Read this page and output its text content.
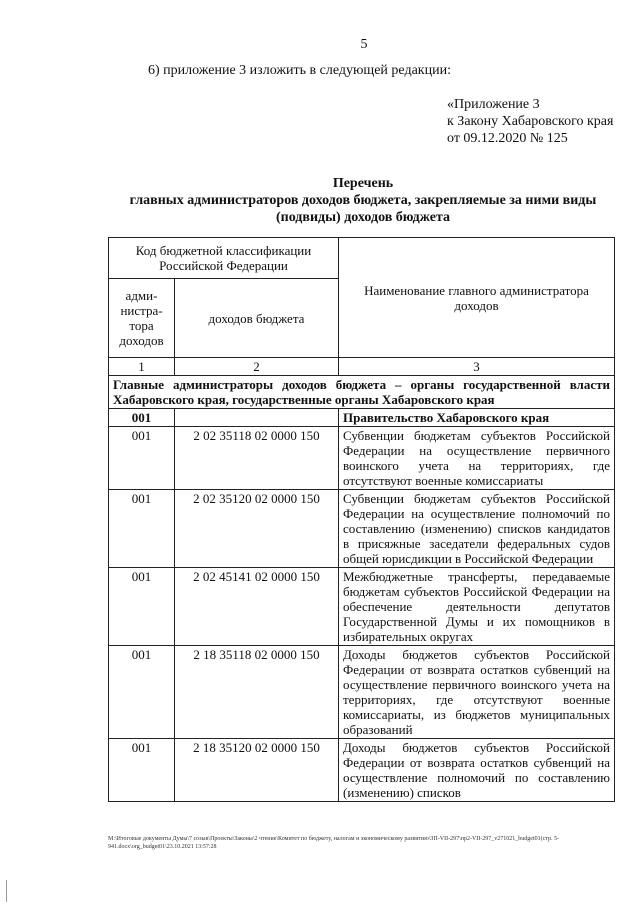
5
6) приложение 3 изложить в следующей редакции:
«Приложение 3
к Закону Хабаровского края
от 09.12.2020 № 125
Перечень
главных администраторов доходов бюджета, закрепляемые за ними виды
(подвиды) доходов бюджета
Код бюджетной классификации Российской Федерации		Наименование главного администратора доходов
адми-нистра-тора доходов	доходов бюджета	
1	2	3
Главные администраторы доходов бюджета – органы государственной власти Хабаровского края, государственные органы Хабаровского края		
001		Правительство Хабаровского края
001	2 02 35118 02 0000 150	Субвенции бюджетам субъектов Российской Федерации на осуществление первичного воинского учета на территориях, где отсутствуют военные комиссариаты
001	2 02 35120 02 0000 150	Субвенции бюджетам субъектов Российской Федерации на осуществление полномочий по составлению (изменению) списков кандидатов в присяжные заседатели федеральных судов общей юрисдикции в Российской Федерации
001	2 02 45141 02 0000 150	Межбюджетные трансферты, передаваемые бюджетам субъектов Российской Федерации на обеспечение деятельности депутатов Государственной Думы и их помощников в избирательных округах
001	2 18 35118 02 0000 150	Доходы бюджетов субъектов Российской Федерации от возврата остатков субвенций на осуществление первичного воинского учета на территориях, где отсутствуют военные комиссариаты, из бюджетов муниципальных образований
001	2 18 35120 02 0000 150	Доходы бюджетов субъектов Российской Федерации от возврата остатков субвенций на осуществление полномочий по составлению (изменению) списков
M:\Итоговые документы Думы\7 созыв\Проекты\Законы\2 чтение\Комитет по бюджету, налогам и экономическому развитию\ЗП-VII-297\пр2-VII-297_v271021_budget01(стр. 5-941.docx\org_budget01\23.10.2021 13:57:28
